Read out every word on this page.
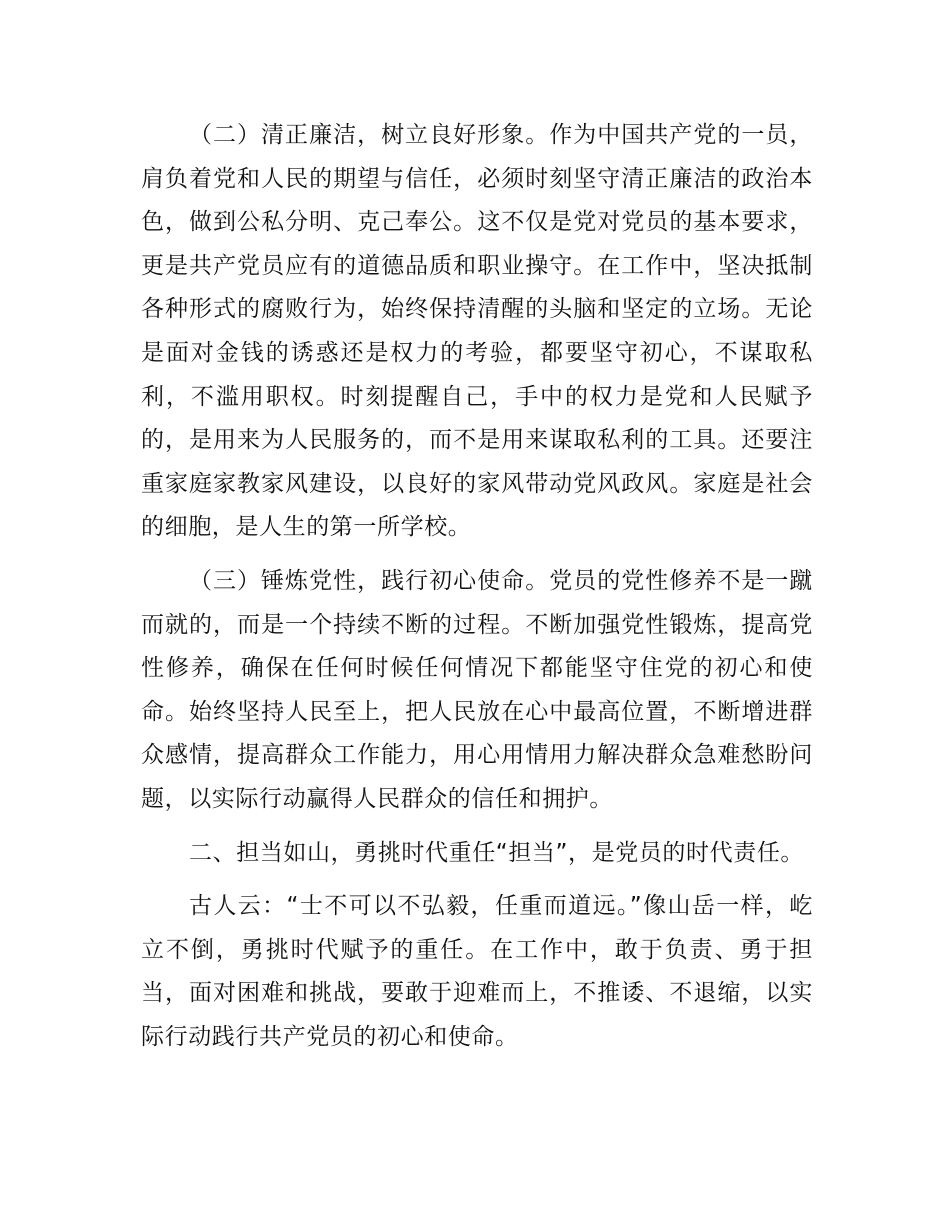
（二）清正廉洁，树立良好形象。作为中国共产党的一员，肩负着党和人民的期望与信任，必须时刻坚守清正廉洁的政治本色，做到公私分明、克己奉公。这不仅是党对党员的基本要求，更是共产党员应有的道德品质和职业操守。在工作中，坚决抵制各种形式的腐败行为，始终保持清醒的头脑和坚定的立场。无论是面对金钱的诱惑还是权力的考验，都要坚守初心，不谋取私利，不滥用职权。时刻提醒自己，手中的权力是党和人民赋予的，是用来为人民服务的，而不是用来谋取私利的工具。还要注重家庭家教家风建设，以良好的家风带动党风政风。家庭是社会的细胞，是人生的第一所学校。

（三）锤炼党性，践行初心使命。党员的党性修养不是一蹴而就的，而是一个持续不断的过程。不断加强党性锻炼，提高党性修养，确保在任何时候任何情况下都能坚守住党的初心和使命。始终坚持人民至上，把人民放在心中最高位置，不断增进群众感情，提高群众工作能力，用心用情用力解决群众急难愁盼问题，以实际行动赢得人民群众的信任和拥护。

二、担当如山，勇挑时代重任“担当”，是党员的时代责任。

古人云：“士不可以不弘毅，任重而道远。”像山岳一样，屹立不倒，勇挑时代赋予的重任。在工作中，敢于负责、勇于担当，面对困难和挑战，要敢于迎难而上，不推诿、不退缩，以实际行动践行共产党员的初心和使命。
